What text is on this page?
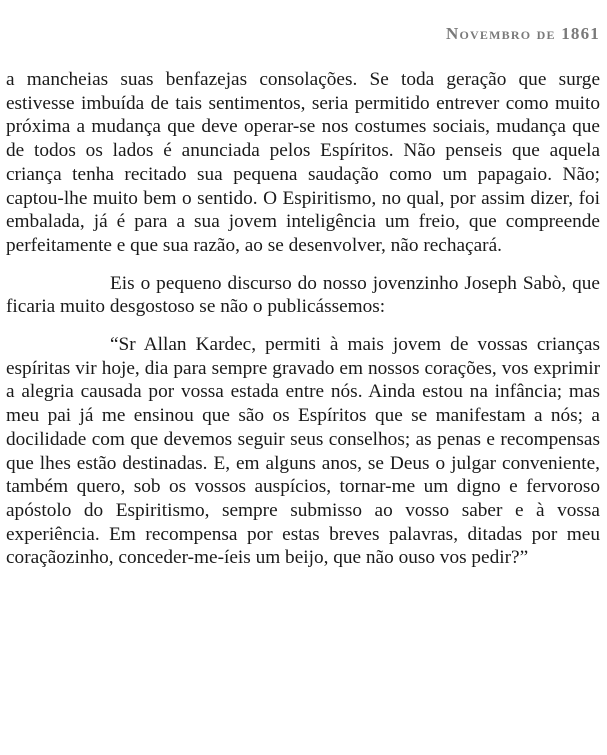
Novembro de 1861

a mancheias suas benfazejas consolações. Se toda geração que surge estivesse imbuída de tais sentimentos, seria permitido entrever como muito próxima a mudança que deve operar-se nos costumes sociais, mudança que de todos os lados é anunciada pelos Espíritos. Não penseis que aquela criança tenha recitado sua pequena saudação como um papagaio. Não; captou-lhe muito bem o sentido. O Espiritismo, no qual, por assim dizer, foi embalada, já é para a sua jovem inteligência um freio, que compreende perfeitamente e que sua razão, ao se desenvolver, não rechaçará.

Eis o pequeno discurso do nosso jovenzinho Joseph Sabò, que ficaria muito desgostoso se não o publicássemos:

“Sr Allan Kardec, permiti à mais jovem de vossas crianças espíritas vir hoje, dia para sempre gravado em nossos corações, vos exprimir a alegria causada por vossa estada entre nós. Ainda estou na infância; mas meu pai já me ensinou que são os Espíritos que se manifestam a nós; a docilidade com que devemos seguir seus conselhos; as penas e recompensas que lhes estão destinadas. E, em alguns anos, se Deus o julgar conveniente, também quero, sob os vossos auspícios, tornar-me um digno e fervoroso apóstolo do Espiritismo, sempre submisso ao vosso saber e à vossa experiência. Em recompensa por estas breves palavras, ditadas por meu coraçãozinho, conceder-me-íeis um beijo, que não ouso vos pedir?”
